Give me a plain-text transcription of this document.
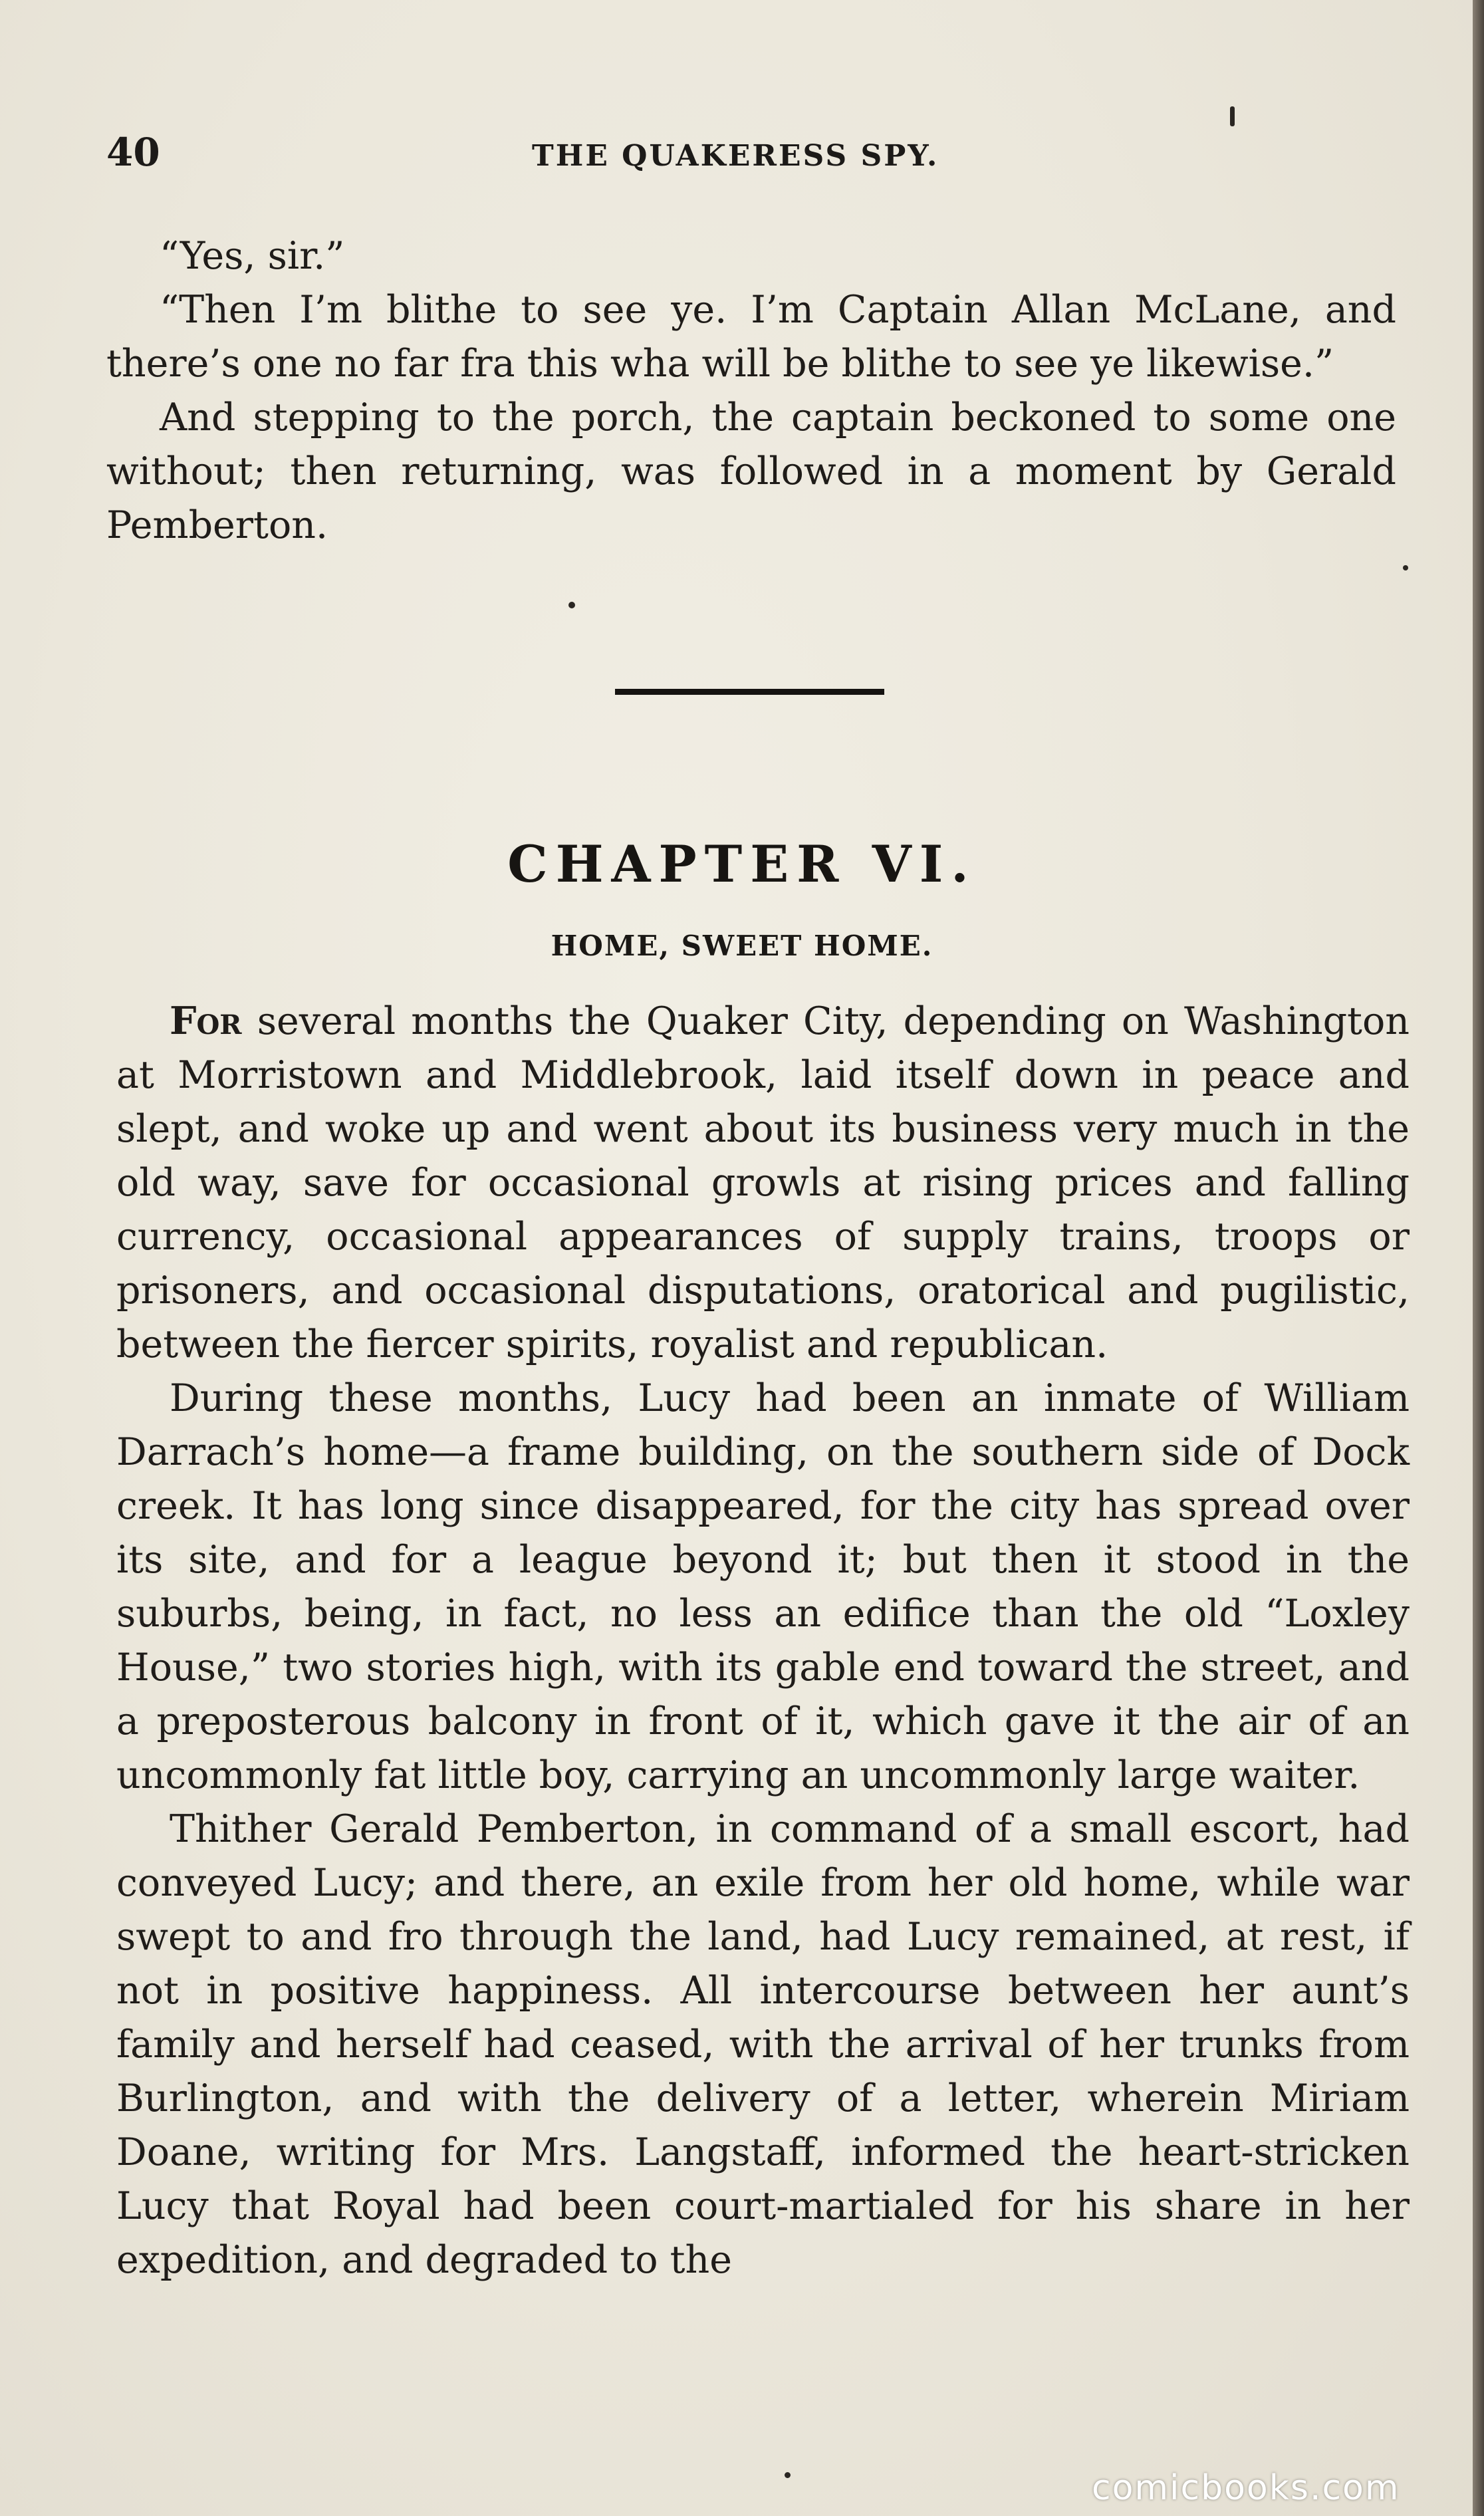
40	THE QUAKERESS SPY.

“Yes, sir.”

“Then I’m blithe to see ye. I’m Captain Allan McLane, and there’s one no far fra this wha will be blithe to see ye likewise.”

And stepping to the porch, the captain beckoned to some one without; then returning, was followed in a moment by Gerald Pemberton.

CHAPTER VI.
HOME, SWEET HOME.

For several months the Quaker City, depending on Washington at Morristown and Middlebrook, laid itself down in peace and slept, and woke up and went about its business very much in the old way, save for occasional growls at rising prices and falling currency, occasional appearances of supply trains, troops or prisoners, and occasional disputations, oratorical and pugilistic, between the fiercer spirits, royalist and republican.

During these months, Lucy had been an inmate of William Darrach’s home—a frame building, on the southern side of Dock creek. It has long since disappeared, for the city has spread over its site, and for a league beyond it; but then it stood in the suburbs, being, in fact, no less an edifice than the old “Loxley House,” two stories high, with its gable end toward the street, and a preposterous balcony in front of it, which gave it the air of an uncommonly fat little boy, carrying an uncommonly large waiter.

Thither Gerald Pemberton, in command of a small escort, had conveyed Lucy; and there, an exile from her old home, while war swept to and fro through the land, had Lucy remained, at rest, if not in positive happiness. All intercourse between her aunt’s family and herself had ceased, with the arrival of her trunks from Burlington, and with the delivery of a letter, wherein Miriam Doane, writing for Mrs. Langstaff, informed the heart-stricken Lucy that Royal had been court-martialed for his share in her expedition, and degraded to the

comicbooks.com
